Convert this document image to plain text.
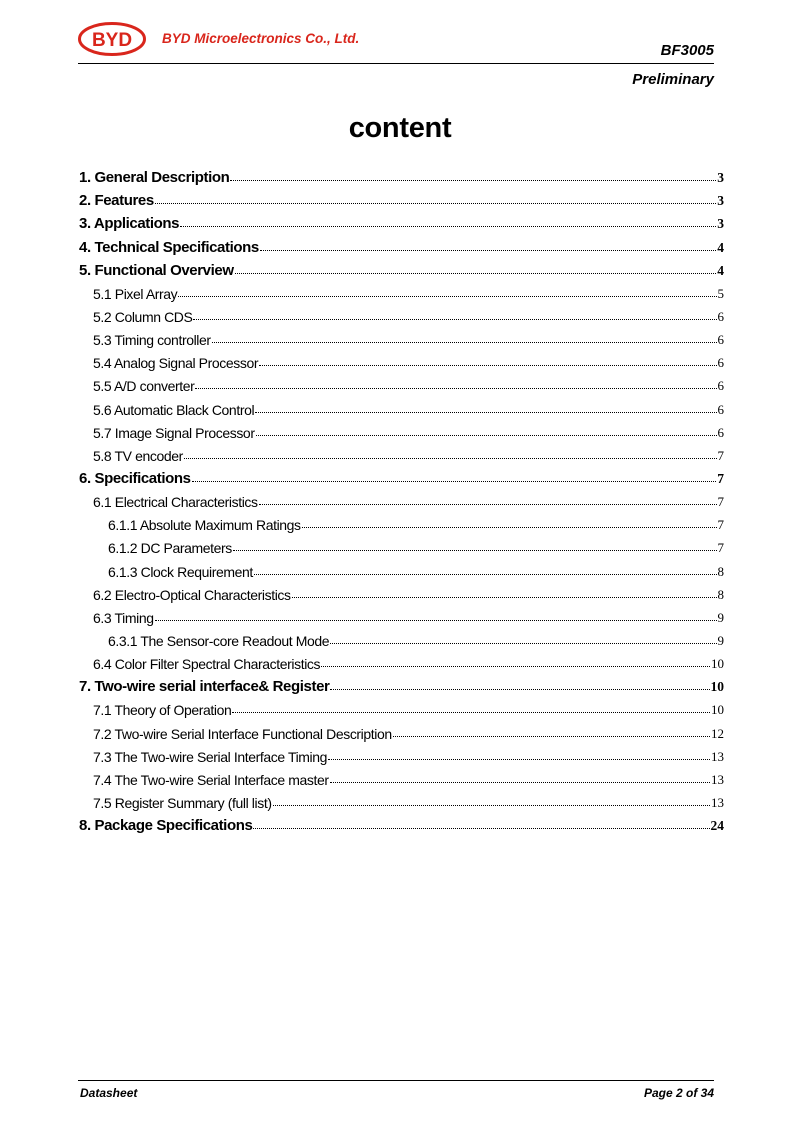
BYD BYD Microelectronics Co., Ltd.
BF3005
Preliminary
content
1. General Description	3
2. Features	3
3. Applications	3
4. Technical Specifications	4
5. Functional Overview	4
5.1 Pixel Array	5
5.2 Column CDS	6
5.3 Timing controller	6
5.4 Analog Signal Processor	6
5.5 A/D converter	6
5.6 Automatic Black Control	6
5.7 Image Signal Processor	6
5.8 TV encoder	7
6. Specifications	7
6.1 Electrical Characteristics	7
6.1.1 Absolute Maximum Ratings	7
6.1.2 DC Parameters	7
6.1.3 Clock Requirement	8
6.2 Electro-Optical Characteristics	8
6.3 Timing	9
6.3.1 The Sensor-core Readout Mode	9
6.4 Color Filter Spectral Characteristics	10
7. Two-wire serial interface& Register	10
7.1 Theory of Operation	10
7.2 Two-wire Serial Interface Functional Description	12
7.3 The Two-wire Serial Interface Timing	13
7.4 The Two-wire Serial Interface master	13
7.5 Register Summary (full list)	13
8. Package Specifications	24
Datasheet	Page 2 of 34
